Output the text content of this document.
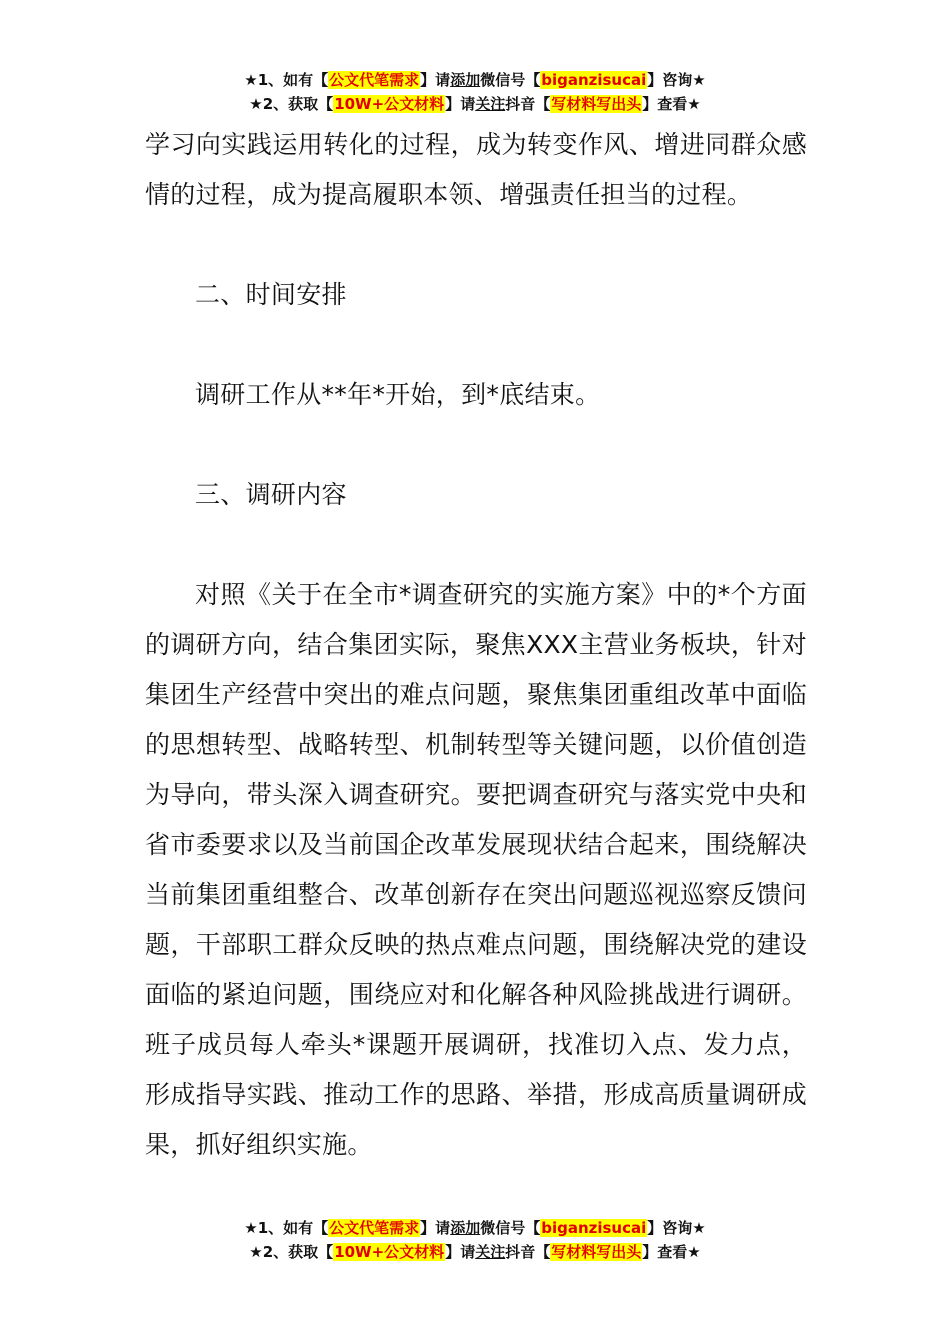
★1、如有【公文代笔需求】请添加微信号【biganzisucai】咨询★
★2、获取【10W+公文材料】请关注抖音【写材料写出头】查看★

学习向实践运用转化的过程，成为转变作风、增进同群众感情的过程，成为提高履职本领、增强责任担当的过程。

二、时间安排

调研工作从**年*开始，到*底结束。

三、调研内容

对照《关于在全市*调查研究的实施方案》中的*个方面的调研方向，结合集团实际，聚焦XXX主营业务板块，针对集团生产经营中突出的难点问题，聚焦集团重组改革中面临的思想转型、战略转型、机制转型等关键问题，以价值创造为导向，带头深入调查研究。要把调查研究与落实党中央和省市委要求以及当前国企改革发展现状结合起来，围绕解决当前集团重组整合、改革创新存在突出问题巡视巡察反馈问题，干部职工群众反映的热点难点问题，围绕解决党的建设面临的紧迫问题，围绕应对和化解各种风险挑战进行调研。班子成员每人牵头*课题开展调研，找准切入点、发力点，形成指导实践、推动工作的思路、举措，形成高质量调研成果，抓好组织实施。

★1、如有【公文代笔需求】请添加微信号【biganzisucai】咨询★
★2、获取【10W+公文材料】请关注抖音【写材料写出头】查看★
